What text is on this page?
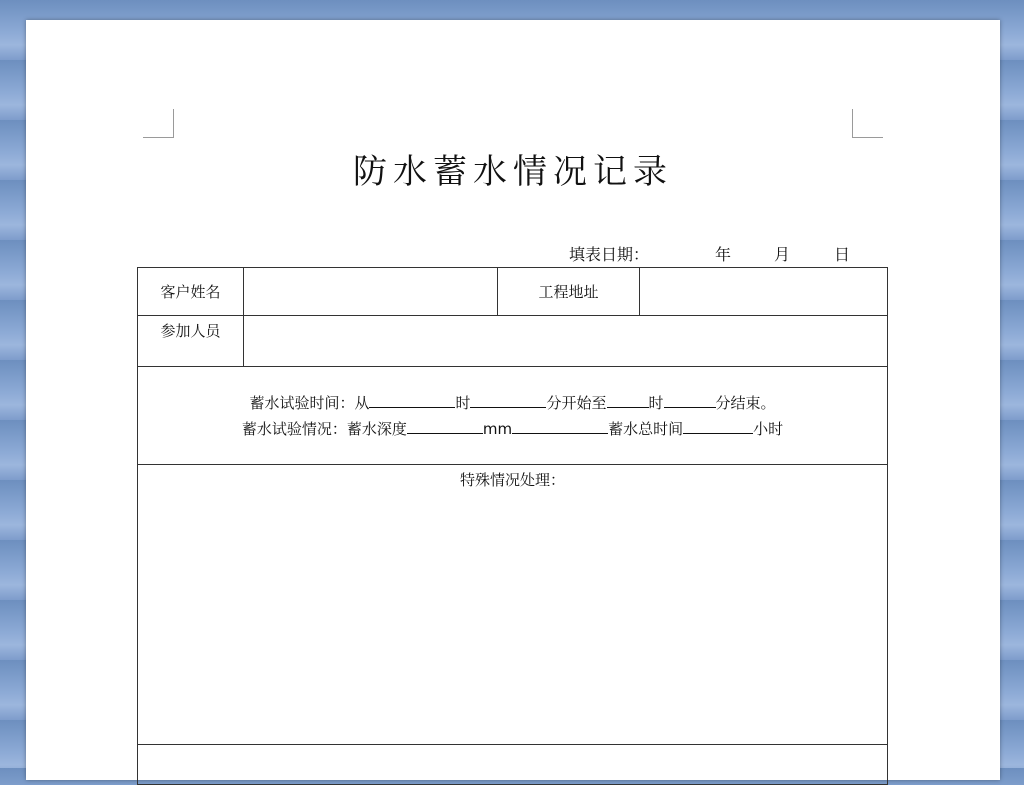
防水蓄水情况记录
填表日期：	年	月	日
客户姓名		工程地址	
参加人员			

蓄水试验时间：从 时 分开始至 时 分结束。

蓄水试验情况：蓄水深度 mm 蓄水总时间 小时			

特殊情况处理：			
